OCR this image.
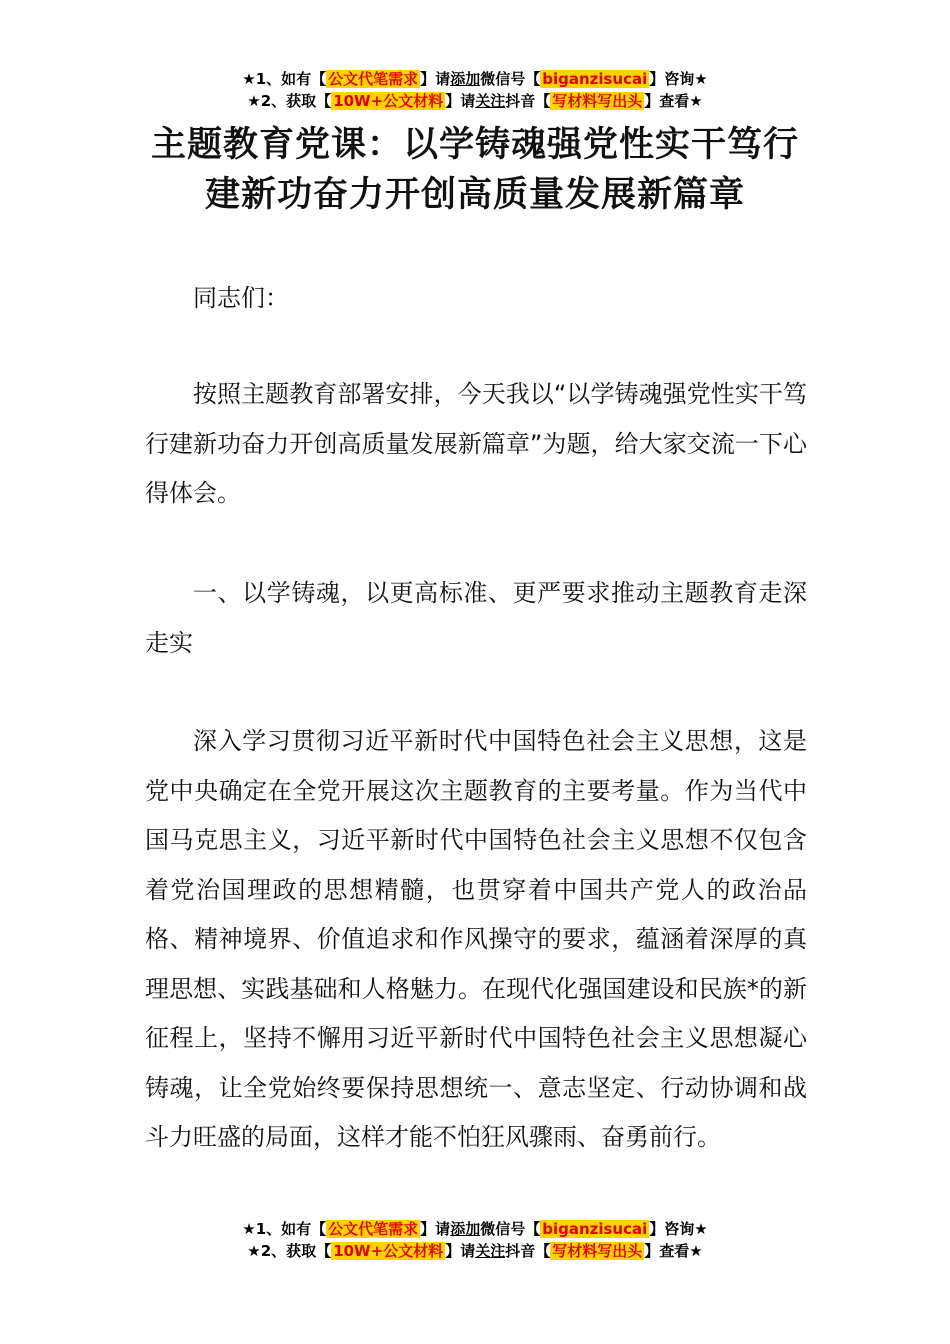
★1、如有【 公文代笔需求 】请添加微信号【 biganzisucai 】咨询★
★2、获取【 10W+公文材料 】请关注抖音【 写材料写出头 】查看★
主题教育党课：以学铸魂强党性实干笃行
建新功奋力开创高质量发展新篇章

同志们：

按照主题教育部署安排，今天我以“以学铸魂强党性实干笃行建新功奋力开创高质量发展新篇章”为题，给大家交流一下心得体会。

一、以学铸魂，以更高标准、更严要求推动主题教育走深走实

深入学习贯彻习近平新时代中国特色社会主义思想，这是党中央确定在全党开展这次主题教育的主要考量。作为当代中国马克思主义，习近平新时代中国特色社会主义思想不仅包含着党治国理政的思想精髓，也贯穿着中国共产党人的政治品格、精神境界、价值追求和作风操守的要求，蕴涵着深厚的真理思想、实践基础和人格魅力。在现代化强国建设和民族*的新征程上，坚持不懈用习近平新时代中国特色社会主义思想凝心铸魂，让全党始终要保持思想统一、意志坚定、行动协调和战斗力旺盛的局面，这样才能不怕狂风骤雨、奋勇前行。

★1、如有【 公文代笔需求 】请添加微信号【 biganzisucai 】咨询★
★2、获取【 10W+公文材料 】请关注抖音【 写材料写出头 】查看★
